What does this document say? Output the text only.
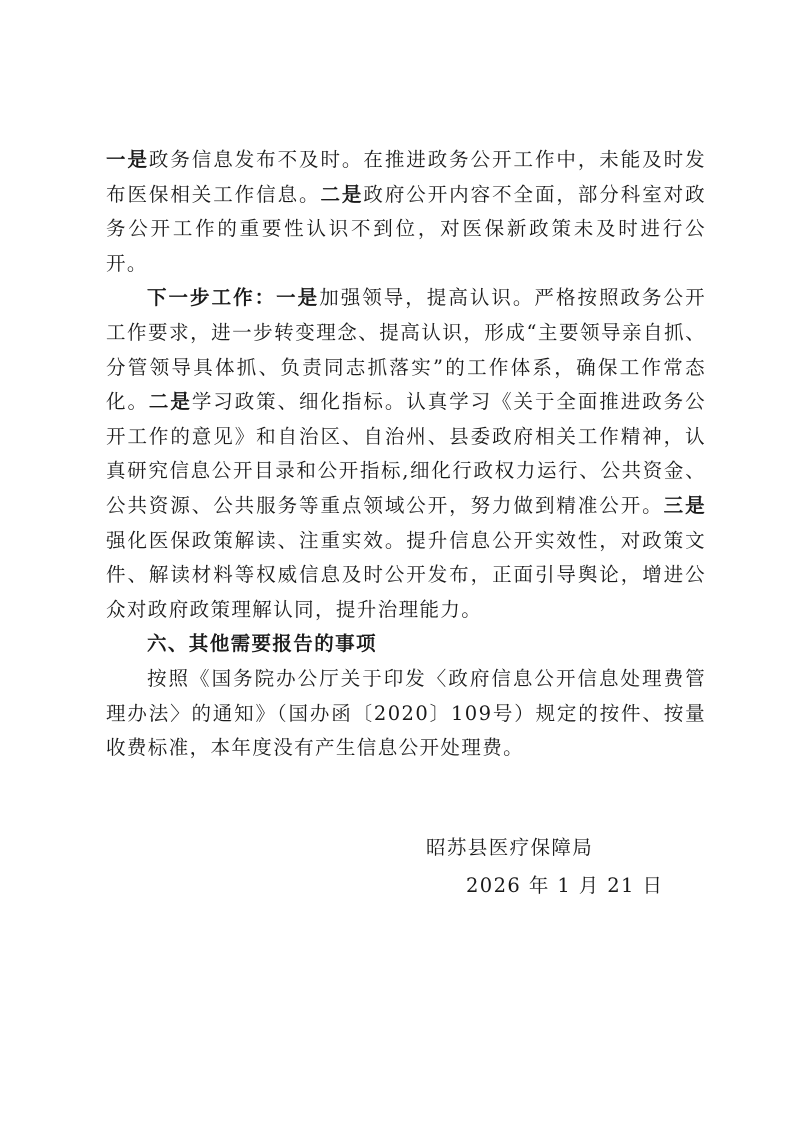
一是政务信息发布不及时。在推进政务公开工作中，未能及时发布医保相关工作信息。二是政府公开内容不全面，部分科室对政务公开工作的重要性认识不到位，对医保新政策未及时进行公开。

下一步工作：一是加强领导，提高认识。严格按照政务公开工作要求，进一步转变理念、提高认识，形成“主要领导亲自抓、分管领导具体抓、负责同志抓落实”的工作体系，确保工作常态化。二是学习政策、细化指标。认真学习《关于全面推进政务公开工作的意见》和自治区、自治州、县委政府相关工作精神，认真研究信息公开目录和公开指标,细化行政权力运行、公共资金、公共资源、公共服务等重点领域公开，努力做到精准公开。三是强化医保政策解读、注重实效。提升信息公开实效性，对政策文件、解读材料等权威信息及时公开发布，正面引导舆论，增进公众对政府政策理解认同，提升治理能力。

六、其他需要报告的事项

按照《国务院办公厅关于印发〈政府信息公开信息处理费管理办法〉的通知》（国办函〔2020〕109号）规定的按件、按量收费标准，本年度没有产生信息公开处理费。

昭苏县医疗保障局
2026 年 1 月 21 日
